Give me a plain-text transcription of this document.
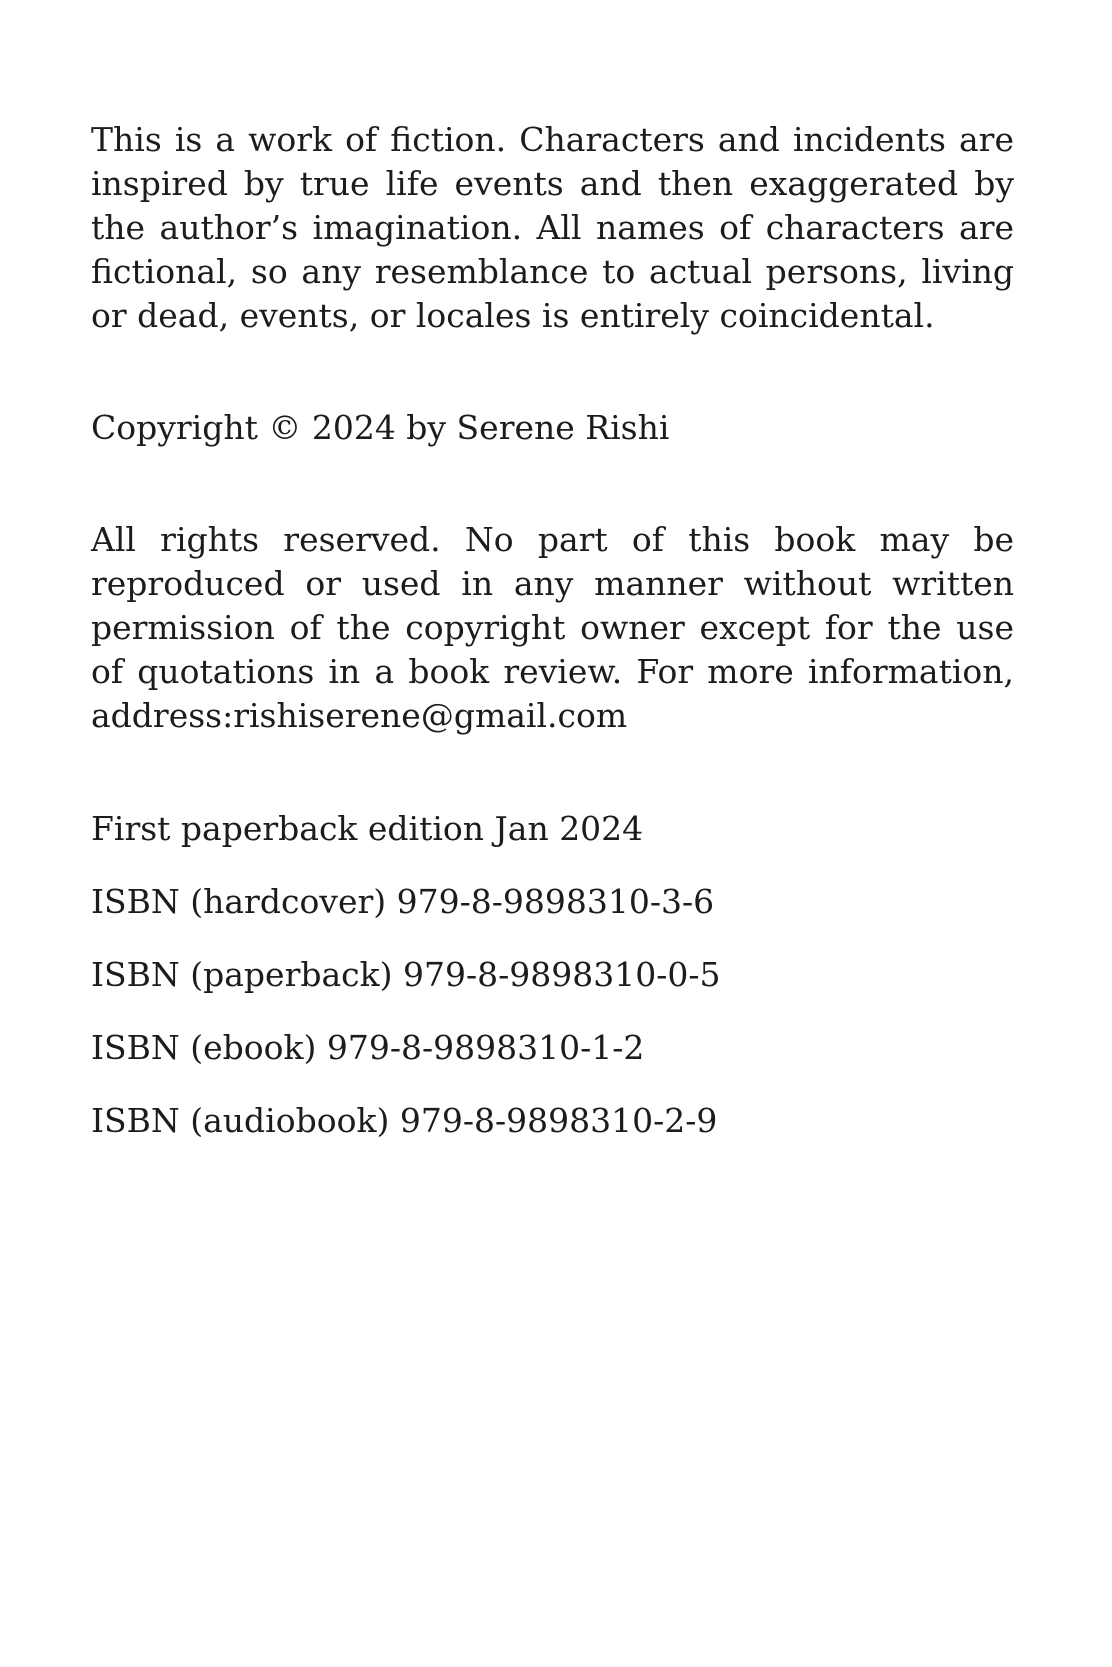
This is a work of fiction. Characters and incidents are inspired by true life events and then exaggerated by the author’s imagination. All names of characters are fictional, so any resemblance to actual persons, living or dead, events, or locales is entirely coincidental.

Copyright © 2024 by Serene Rishi

All rights reserved. No part of this book may be reproduced or used in any manner without written permission of the copyright owner except for the use of quotations in a book review. For more information, address:rishiserene@gmail.com

First paperback edition Jan 2024

ISBN (hardcover) 979-8-9898310-3-6

ISBN (paperback) 979-8-9898310-0-5

ISBN (ebook) 979-8-9898310-1-2

ISBN (audiobook) 979-8-9898310-2-9
